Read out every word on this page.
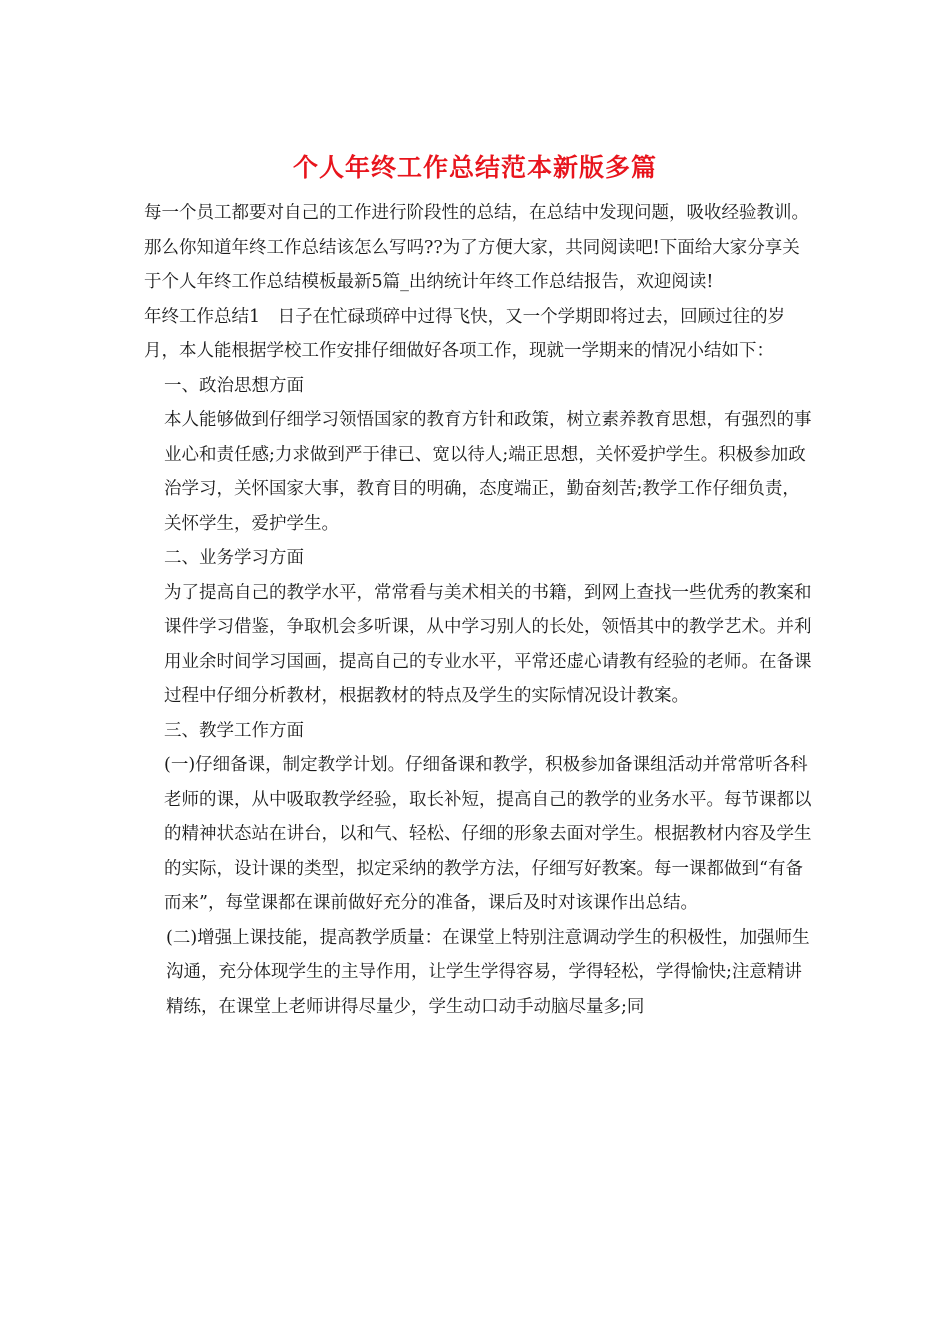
个人年终工作总结范本新版多篇

每一个员工都要对自己的工作进行阶段性的总结，在总结中发现问题，吸收经验教训。那么你知道年终工作总结该怎么写吗??为了方便大家，共同阅读吧!下面给大家分享关于个人年终工作总结模板最新5篇_出纳统计年终工作总结报告，欢迎阅读!

年终工作总结1　日子在忙碌琐碎中过得飞快，又一个学期即将过去，回顾过往的岁月，本人能根据学校工作安排仔细做好各项工作，现就一学期来的情况小结如下：

一、政治思想方面

本人能够做到仔细学习领悟国家的教育方针和政策，树立素养教育思想，有强烈的事业心和责任感;力求做到严于律已、宽以待人;端正思想，关怀爱护学生。积极参加政治学习，关怀国家大事，教育目的明确，态度端正，勤奋刻苦;教学工作仔细负责，关怀学生，爱护学生。

二、业务学习方面

为了提高自己的教学水平，常常看与美术相关的书籍，到网上查找一些优秀的教案和课件学习借鉴，争取机会多听课，从中学习别人的长处，领悟其中的教学艺术。并利用业余时间学习国画，提高自己的专业水平，平常还虚心请教有经验的老师。在备课过程中仔细分析教材，根据教材的特点及学生的实际情况设计教案。

三、教学工作方面

(一)仔细备课，制定教学计划。仔细备课和教学，积极参加备课组活动并常常听各科老师的课，从中吸取教学经验，取长补短，提高自己的教学的业务水平。每节课都以的精神状态站在讲台，以和气、轻松、仔细的形象去面对学生。根据教材内容及学生的实际，设计课的类型，拟定采纳的教学方法，仔细写好教案。每一课都做到“有备而来”，每堂课都在课前做好充分的准备，课后及时对该课作出总结。

(二)增强上课技能，提高教学质量：在课堂上特别注意调动学生的积极性，加强师生沟通，充分体现学生的主导作用，让学生学得容易，学得轻松，学得愉快;注意精讲精练，在课堂上老师讲得尽量少，学生动口动手动脑尽量多;同
